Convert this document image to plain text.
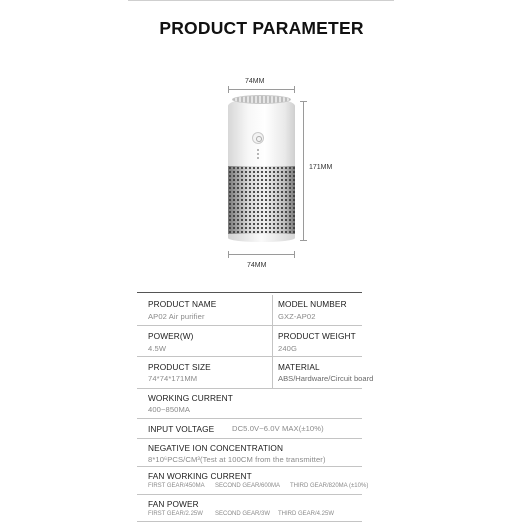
PRODUCT PARAMETER
74MM
171MM
74MM
PRODUCT NAME
AP02 Air purifier
MODEL NUMBER
GXZ-AP02
POWER(W)
4.5W
PRODUCT WEIGHT
240G
PRODUCT SIZE
74*74*171MM
MATERIAL
ABS/Hardware/Circuit board
WORKING CURRENT
400~850MA
INPUT VOLTAGE DC5.0V~6.0V MAX(±10%)
NEGATIVE ION CONCENTRATION
8*10⁶PCS/CM³(Test at 100CM from the transmitter)
FAN WORKING CURRENT
FIRST GEAR/450MA SECOND GEAR/600MA THIRD GEAR/820MA (±10%)
FAN POWER
FIRST GEAR/2.25W SECOND GEAR/3W THIRD GEAR/4.25W
